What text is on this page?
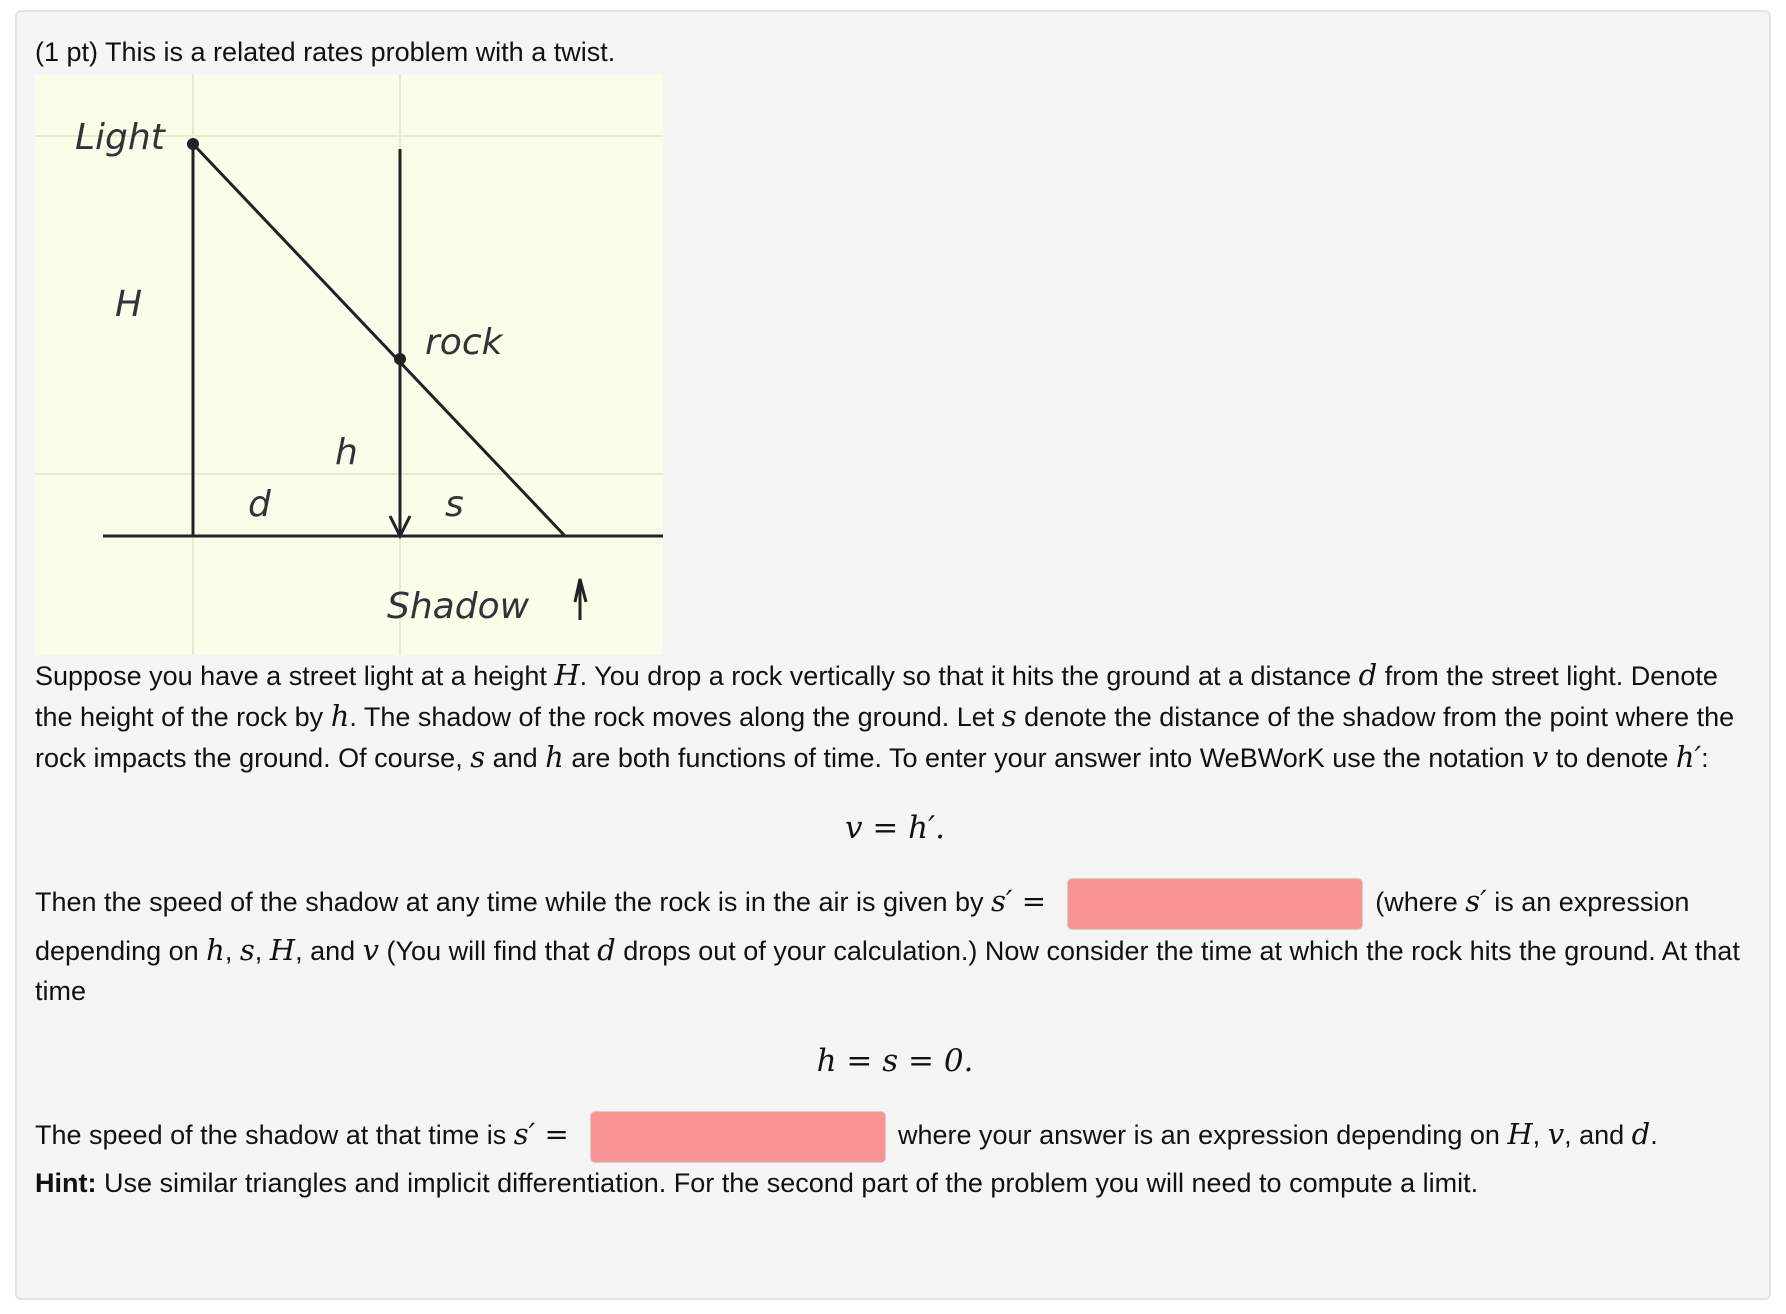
(1 pt) This is a related rates problem with a twist.

Light
H
rock
h
d	s
Shadow

Suppose you have a street light at a height H. You drop a rock vertically so that it hits the ground at a distance d from the street light. Denote the height of the rock by h. The shadow of the rock moves along the ground. Let s denote the distance of the shadow from the point where the rock impacts the ground. Of course, s and h are both functions of time. To enter your answer into WeBWorK use the notation v to denote h′:

v = h′.

Then the speed of the shadow at any time while the rock is in the air is given by s′ =	(where s′ is an expression depending on h, s, H, and v (You will find that d drops out of your calculation.) Now consider the time at which the rock hits the ground. At that time

h = s = 0.

The speed of the shadow at that time is s′ =	where your answer is an expression depending on H, v, and d.

Hint: Use similar triangles and implicit differentiation. For the second part of the problem you will need to compute a limit.
